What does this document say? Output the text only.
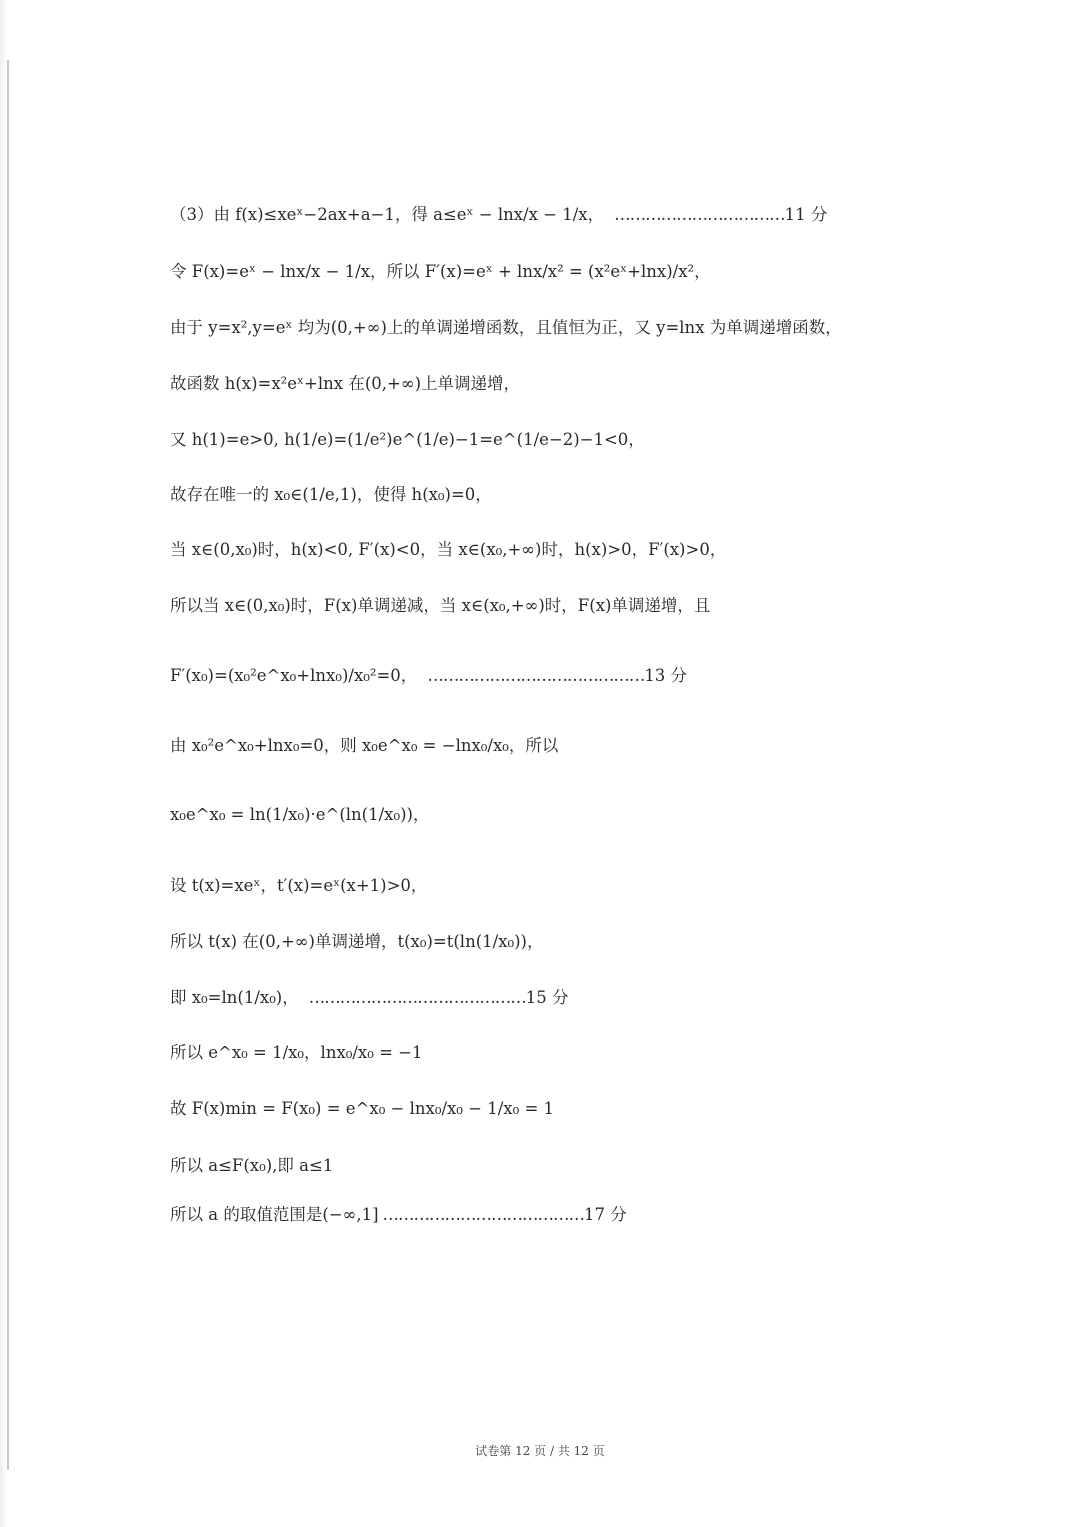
（3）由 f(x)≤xeˣ−2ax+a−1，得 a≤eˣ − lnx/x − 1/x， …………………………… 11 分
令 F(x)=eˣ − lnx/x − 1/x，所以 F′(x)=eˣ + lnx/x² = (x²eˣ+lnx)/x²，
由于 y=x²,y=eˣ 均为(0,+∞)上的单调递增函数，且值恒为正，又 y=lnx 为单调递增函数，
故函数 h(x)=x²eˣ+lnx 在(0,+∞)上单调递增，
又 h(1)=e>0, h(1/e)=(1/e²)e^(1/e)−1=e^(1/e−2)−1<0，
故存在唯一的 x₀∈(1/e,1)，使得 h(x₀)=0，
当 x∈(0,x₀)时，h(x)<0, F′(x)<0，当 x∈(x₀,+∞)时，h(x)>0，F′(x)>0，
所以当 x∈(0,x₀)时，F(x)单调递减，当 x∈(x₀,+∞)时，F(x)单调递增，且
F′(x₀)=(x₀²e^x₀+lnx₀)/x₀²=0， …………………………………… 13 分
由 x₀²e^x₀+lnx₀=0，则 x₀e^x₀ = −lnx₀/x₀，所以
x₀e^x₀ = ln(1/x₀)·e^(ln(1/x₀))，
设 t(x)=xeˣ，t′(x)=eˣ(x+1)>0，
所以 t(x) 在(0,+∞)单调递增，t(x₀)=t(ln(1/x₀))，
即 x₀=ln(1/x₀)， …………………………………… 15 分
所以 e^x₀ = 1/x₀，lnx₀/x₀ = −1
故 F(x)min = F(x₀) = e^x₀ − lnx₀/x₀ − 1/x₀ = 1
所以 a≤F(x₀),即 a≤1
所以 a 的取值范围是(−∞,1] ………………………………… 17 分
试卷第 12 页 / 共 12 页
